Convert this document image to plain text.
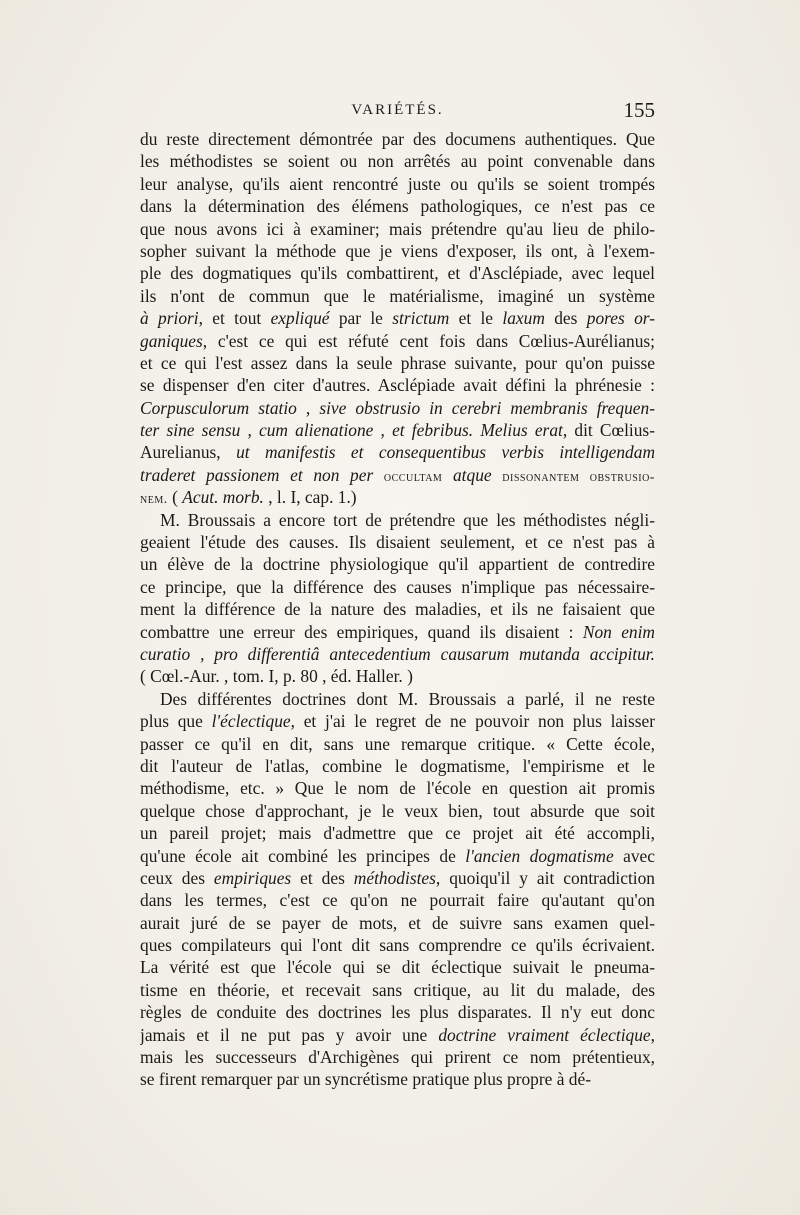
VARIÉTÉS.	155
du reste directement démontrée par des documens authentiques. Que
les méthodistes se soient ou non arrêtés au point convenable dans
leur analyse, qu'ils aient rencontré juste ou qu'ils se soient trompés
dans la détermination des élémens pathologiques, ce n'est pas ce
que nous avons ici à examiner; mais prétendre qu'au lieu de philo-
sopher suivant la méthode que je viens d'exposer, ils ont, à l'exem-
ple des dogmatiques qu'ils combattirent, et d'Asclépiade, avec lequel
ils n'ont de commun que le matérialisme, imaginé un système
à priori, et tout expliqué par le strictum et le laxum des pores or-
ganiques, c'est ce qui est réfuté cent fois dans Cœlius-Aurélianus;
et ce qui l'est assez dans la seule phrase suivante, pour qu'on puisse
se dispenser d'en citer d'autres. Asclépiade avait défini la phrénesie :
Corpusculorum statio , sive obstrusio in cerebri membranis frequen-
ter sine sensu , cum alienatione , et febribus. Melius erat, dit Cœlius-
Aurelianus, ut manifestis et consequentibus verbis intelligendam
traderet passionem et non per occultam atque dissonantem obstrusio-
nem. ( Acut. morb. , l. I, cap. 1.)
M. Broussais a encore tort de prétendre que les méthodistes négli-
geaient l'étude des causes. Ils disaient seulement, et ce n'est pas à
un élève de la doctrine physiologique qu'il appartient de contredire
ce principe, que la différence des causes n'implique pas nécessaire-
ment la différence de la nature des maladies, et ils ne faisaient que
combattre une erreur des empiriques, quand ils disaient : Non enim
curatio , pro differentiâ antecedentium causarum mutanda accipitur.
( Cœl.-Aur. , tom. I, p. 80 , éd. Haller. )
Des différentes doctrines dont M. Broussais a parlé, il ne reste
plus que l'éclectique, et j'ai le regret de ne pouvoir non plus laisser
passer ce qu'il en dit, sans une remarque critique. « Cette école,
dit l'auteur de l'atlas, combine le dogmatisme, l'empirisme et le
méthodisme, etc. » Que le nom de l'école en question ait promis
quelque chose d'approchant, je le veux bien, tout absurde que soit
un pareil projet; mais d'admettre que ce projet ait été accompli,
qu'une école ait combiné les principes de l'ancien dogmatisme avec
ceux des empiriques et des méthodistes, quoiqu'il y ait contradiction
dans les termes, c'est ce qu'on ne pourrait faire qu'autant qu'on
aurait juré de se payer de mots, et de suivre sans examen quel-
ques compilateurs qui l'ont dit sans comprendre ce qu'ils écrivaient.
La vérité est que l'école qui se dit éclectique suivait le pneuma-
tisme en théorie, et recevait sans critique, au lit du malade, des
règles de conduite des doctrines les plus disparates. Il n'y eut donc
jamais et il ne put pas y avoir une doctrine vraiment éclectique,
mais les successeurs d'Archigènes qui prirent ce nom prétentieux,
se firent remarquer par un syncrétisme pratique plus propre à dé-
